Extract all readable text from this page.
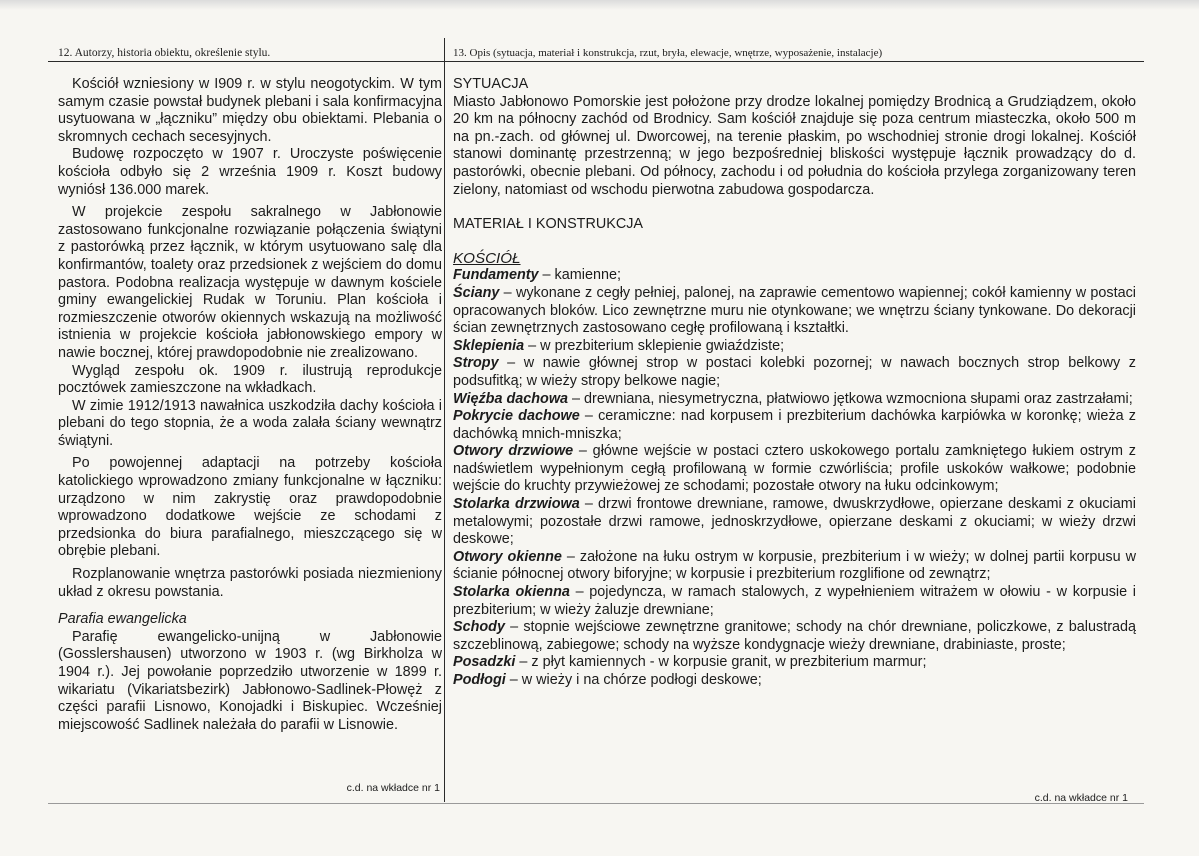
12. Autorzy, historia obiektu, określenie stylu.

Kościół wzniesiony w I909 r. w stylu neogotyckim. W tym samym czasie powstał budynek plebani i sala konfirmacyjna usytuowana w „łączniku” między obu obiektami. Plebania o skromnych cechach secesyjnych.

Budowę rozpoczęto w 1907 r. Uroczyste poświęcenie kościoła odbyło się 2 września 1909 r. Koszt budowy wyniósł 136.000 marek.

W projekcie zespołu sakralnego w Jabłonowie zastosowano funkcjonalne rozwiązanie połączenia świątyni z pastorówką przez łącznik, w którym usytuowano salę dla konfirmantów, toalety oraz przedsionek z wejściem do domu pastora. Podobna realizacja występuje w dawnym kościele gminy ewangelickiej Rudak w Toruniu. Plan kościoła i rozmieszczenie otworów okiennych wskazują na możliwość istnienia w projekcie kościoła jabłonowskiego empory w nawie bocznej, której prawdopodobnie nie zrealizowano.

Wygląd zespołu ok. 1909 r. ilustrują reprodukcje pocztówek zamieszczone na wkładkach.

W zimie 1912/1913 nawałnica uszkodziła dachy kościoła i plebani do tego stopnia, że a woda zalała ściany wewnątrz świątyni.

Po powojennej adaptacji na potrzeby kościoła katolickiego wprowadzono zmiany funkcjonalne w łączniku: urządzono w nim zakrystię oraz prawdopodobnie wprowadzono dodatkowe wejście ze schodami z przedsionka do biura parafialnego, mieszczącego się w obrębie plebani.

Rozplanowanie wnętrza pastorówki posiada niezmieniony układ z okresu powstania.

Parafia ewangelicka

Parafię ewangelicko-unijną w Jabłonowie (Gosslershausen) utworzono w 1903 r. (wg Birkholza w 1904 r.). Jej powołanie poprzedziło utworzenie w 1899 r. wikariatu (Vikariatsbezirk) Jabłonowo-Sadlinek-Płowęż z części parafii Lisnowo, Konojadki i Biskupiec. Wcześniej miejscowość Sadlinek należała do parafii w Lisnowie.

c.d. na wkładce nr 1
13. Opis (sytuacja, materiał i konstrukcja, rzut, bryła, elewacje, wnętrze, wyposażenie, instalacje)

SYTUACJA

Miasto Jabłonowo Pomorskie jest położone przy drodze lokalnej pomiędzy Brodnicą a Grudziądzem, około 20 km na północny zachód od Brodnicy. Sam kościół znajduje się poza centrum miasteczka, około 500 m na pn.-zach. od głównej ul. Dworcowej, na terenie płaskim, po wschodniej stronie drogi lokalnej. Kościół stanowi dominantę przestrzenną; w jego bezpośredniej bliskości występuje łącznik prowadzący do d. pastorówki, obecnie plebani. Od północy, zachodu i od południa do kościoła przylega zorganizowany teren zielony, natomiast od wschodu pierwotna zabudowa gospodarcza.

MATERIAŁ I KONSTRUKCJA

KOŚCIÓŁ

Fundamenty – kamienne;

Ściany – wykonane z cegły pełniej, palonej, na zaprawie cementowo wapiennej; cokół kamienny w postaci opracowanych bloków. Lico zewnętrzne muru nie otynkowane; we wnętrzu ściany tynkowane. Do dekoracji ścian zewnętrznych zastosowano cegłę profilowaną i kształtki.

Sklepienia – w prezbiterium sklepienie gwiaździste;

Stropy – w nawie głównej strop w postaci kolebki pozornej; w nawach bocznych strop belkowy z podsufitką; w wieży stropy belkowe nagie;

Więźba dachowa – drewniana, niesymetryczna, płatwiowo jętkowa wzmocniona słupami oraz zastrzałami;

Pokrycie dachowe – ceramiczne: nad korpusem i prezbiterium dachówka karpiówka w koronkę; wieża z dachówką mnich-mniszka;

Otwory drzwiowe – główne wejście w postaci cztero uskokowego portalu zamkniętego łukiem ostrym z nadświetlem wypełnionym cegłą profilowaną w formie czwórliścia; profile uskoków wałkowe; podobnie wejście do kruchty przywieżowej ze schodami; pozostałe otwory na łuku odcinkowym;

Stolarka drzwiowa – drzwi frontowe drewniane, ramowe, dwuskrzydłowe, opierzane deskami z okuciami metalowymi; pozostałe drzwi ramowe, jednoskrzydłowe, opierzane deskami z okuciami; w wieży drzwi deskowe;

Otwory okienne – założone na łuku ostrym w korpusie, prezbiterium i w wieży; w dolnej partii korpusu w ścianie północnej otwory biforyjne; w korpusie i prezbiterium rozglifione od zewnątrz;

Stolarka okienna – pojedyncza, w ramach stalowych, z wypełnieniem witrażem w ołowiu - w korpusie i prezbiterium; w wieży żaluzje drewniane;

Schody – stopnie wejściowe zewnętrzne granitowe; schody na chór drewniane, policzkowe, z balustradą szczeblinową, zabiegowe; schody na wyższe kondygnacje wieży drewniane, drabiniaste, proste;

Posadzki – z płyt kamiennych - w korpusie granit, w prezbiterium marmur;

Podłogi – w wieży i na chórze podłogi deskowe;

c.d. na wkładce nr 1
